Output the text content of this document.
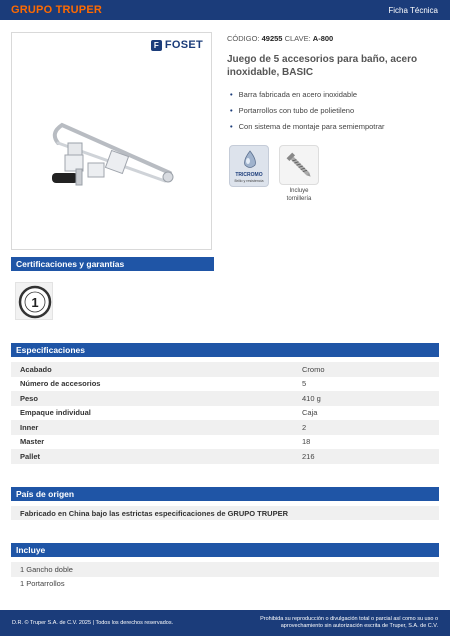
GRUPO TRUPER	Ficha Técnica
F FOSET
CÓDIGO: 49255 CLAVE: A-800
Juego de 5 accesorios para baño, acero inoxidable, BASIC
• Barra fabricada en acero inoxidable
• Portarrollos con tubo de polietileno
• Con sistema de montaje para semiempotrar
TRICROMO
Brillo y resistencia
Incluye
tornillería
Certificaciones y garantías
1
Especificaciones
Acabado	Cromo
Número de accesorios	5
Peso	410 g
Empaque individual	Caja
Inner	2
Master	18
Pallet	216
País de origen
Fabricado en China bajo las estrictas especificaciones de GRUPO TRUPER
Incluye
1 Gancho doble
1 Portarrollos
D.R. © Truper S.A. de C.V. 2025 | Todos los derechos reservados.
Prohibida su reproducción o divulgación total o parcial así como su uso o
aprovechamiento sin autorización escrita de Truper, S.A. de C.V.
